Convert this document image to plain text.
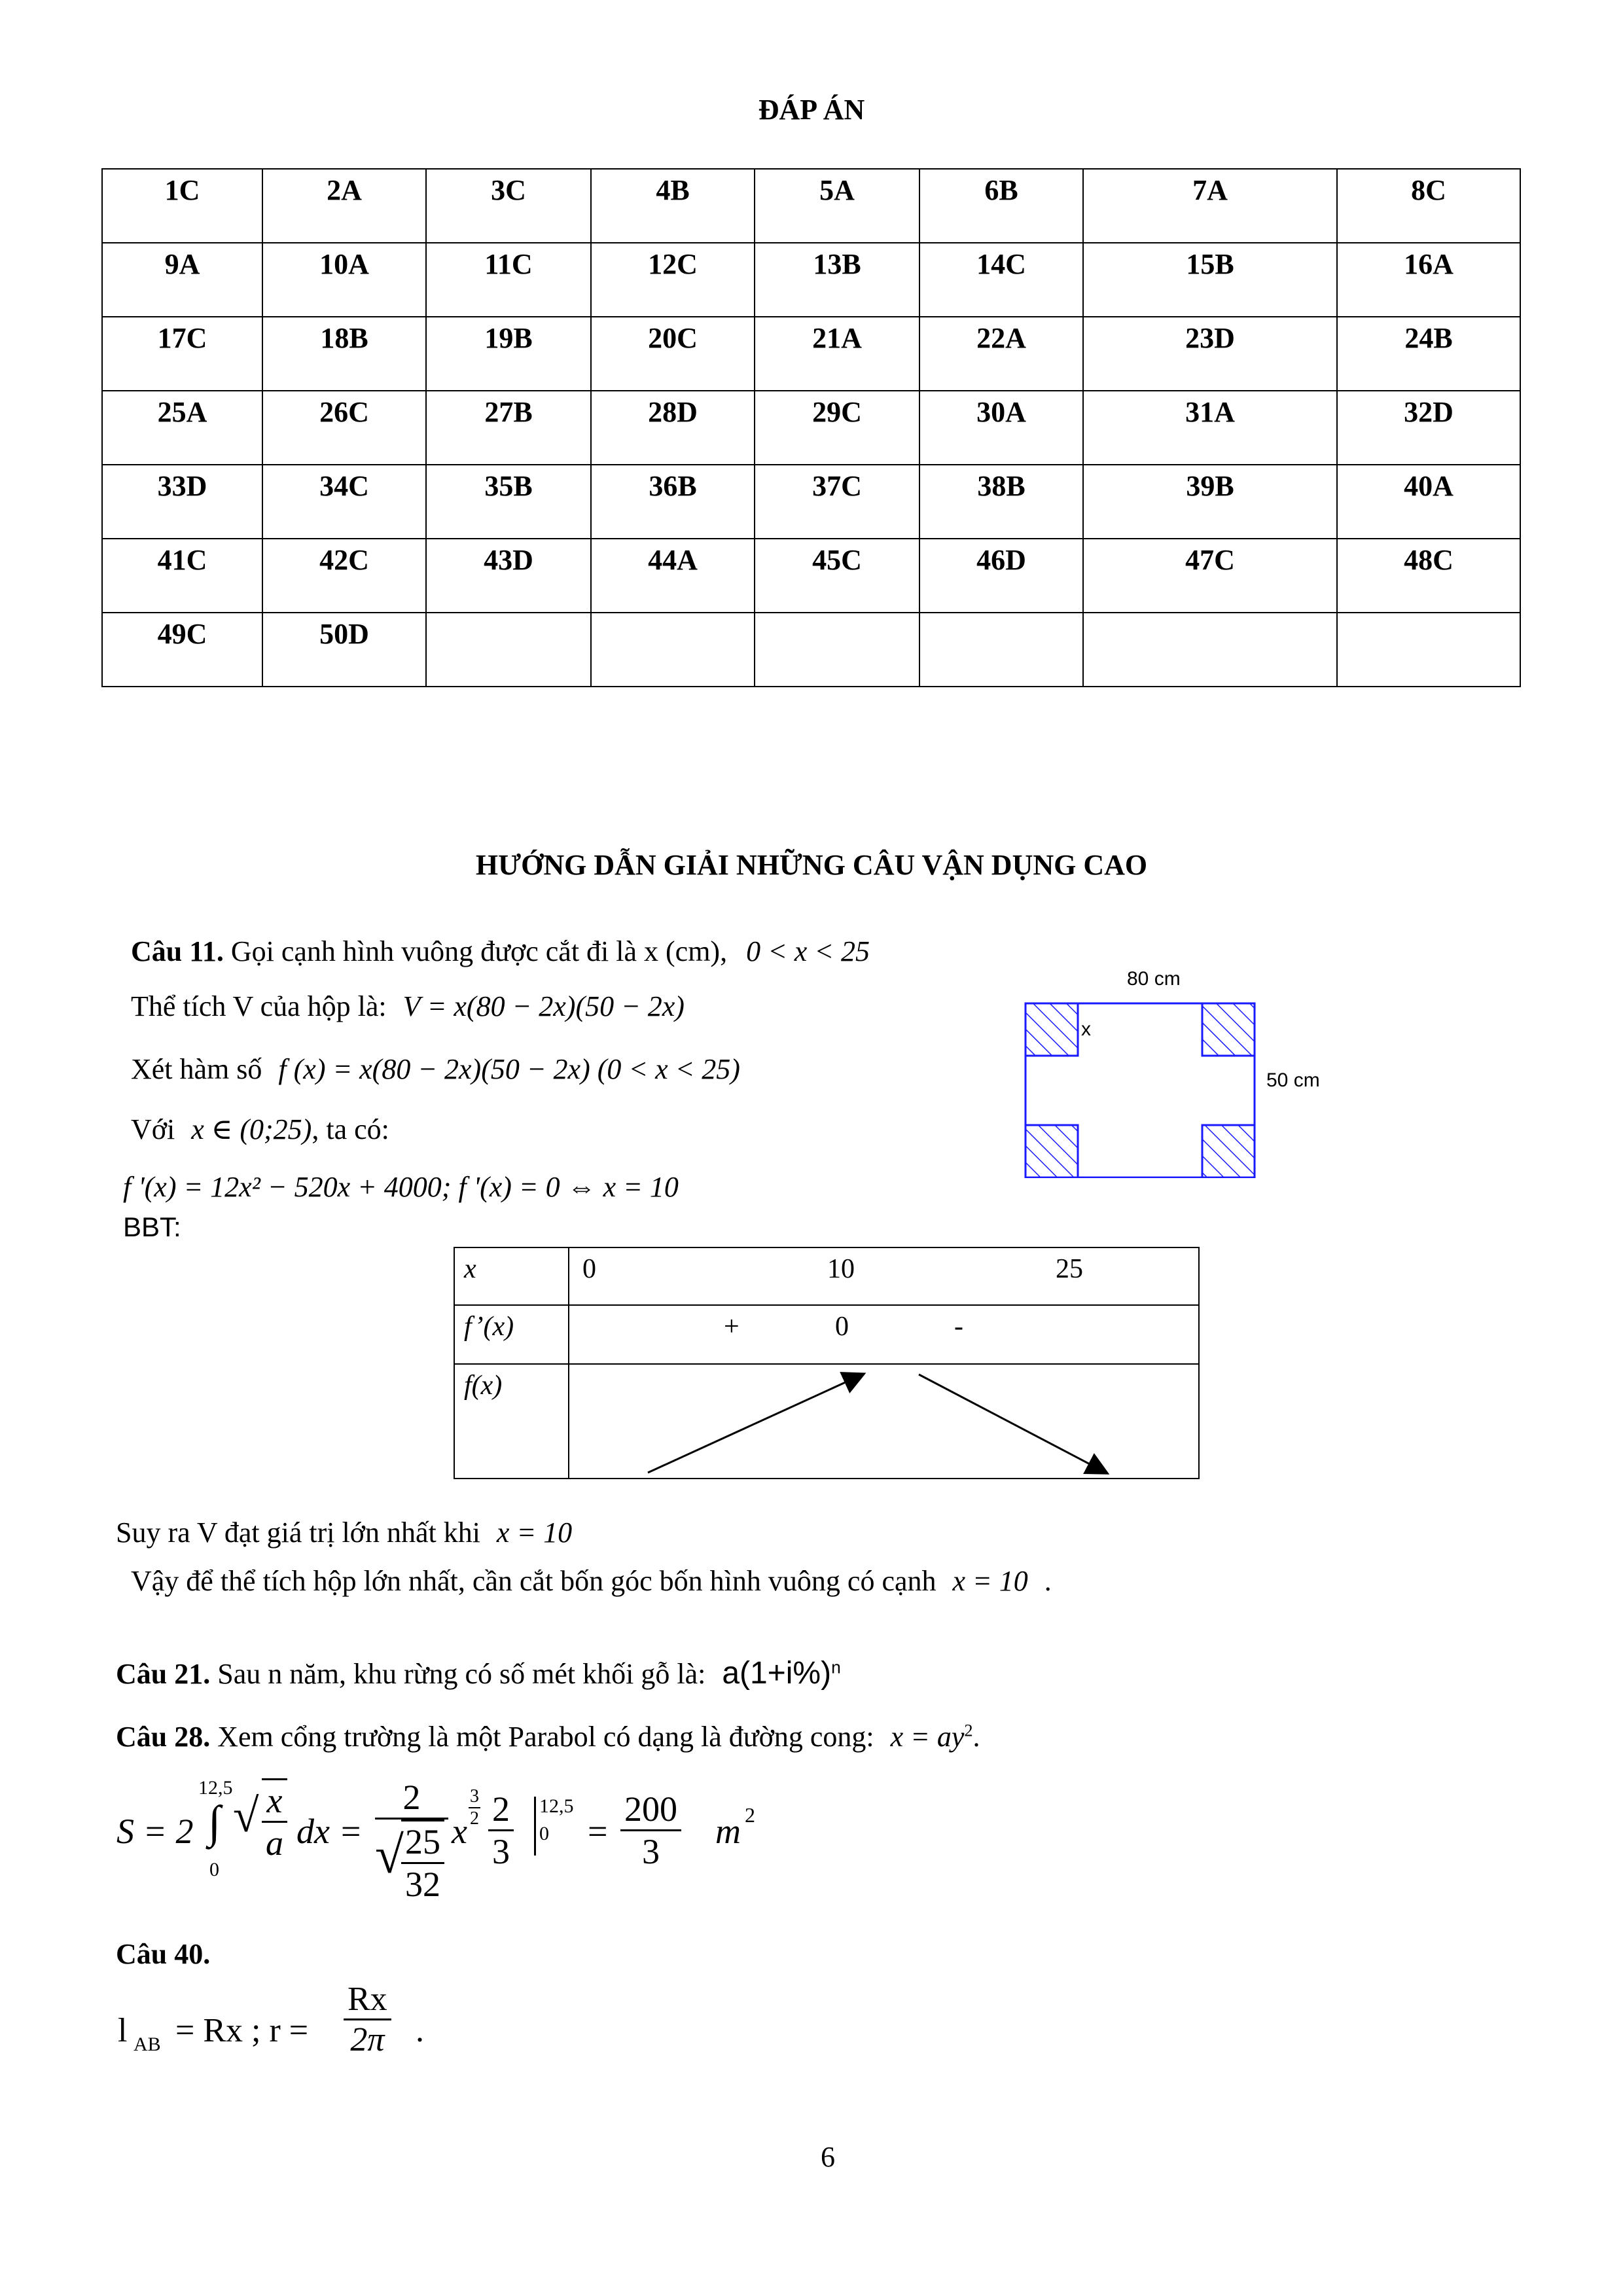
ĐÁP ÁN
1C	2A	3C	4B	5A	6B	7A	8C
9A	10A	11C	12C	13B	14C	15B	16A
17C	18B	19B	20C	21A	22A	23D	24B
25A	26C	27B	28D	29C	30A	31A	32D
33D	34C	35B	36B	37C	38B	39B	40A
41C	42C	43D	44A	45C	46D	47C	48C
49C	50D						
HƯỚNG DẪN GIẢI NHỮNG CÂU VẬN DỤNG CAO
Câu 11. Gọi cạnh hình vuông được cắt đi là x (cm), 0 < x < 25
Thể tích V của hộp là: V = x(80 − 2x)(50 − 2x)
Xét hàm số f (x) = x(80 − 2x)(50 − 2x) (0 < x < 25)
Với x ∈ (0;25), ta có:
f '(x) = 12x² − 520x + 4000; f '(x) = 0 ⇔ x = 10
BBT:
80 cm
50 cm
x
x	0 10 25

f’(x)	+ 0 -

f(x)	
Suy ra V đạt giá trị lớn nhất khi x = 10
Vậy để thể tích hộp lớn nhất, cần cắt bốn góc bốn hình vuông có cạnh x = 10 .
Câu 21. Sau n năm, khu rừng có số mét khối gỗ là: $a(1+i\%)^n$
Câu 28. Xem cổng trường là một Parabol có dạng là đường cong: $x = ay^2$.
S = 2
12,5
∫
0
√ $\frac{x}{a}$ dx = 2
√
$\frac{25}{32}$ x
$\frac{3}{2} \frac{2}{3} 12,5$
$0 = \frac{200}{3}$ m 2
Câu 40.
l AB = Rx ; $r = \frac{Rx}{2\pi}$ .
6
